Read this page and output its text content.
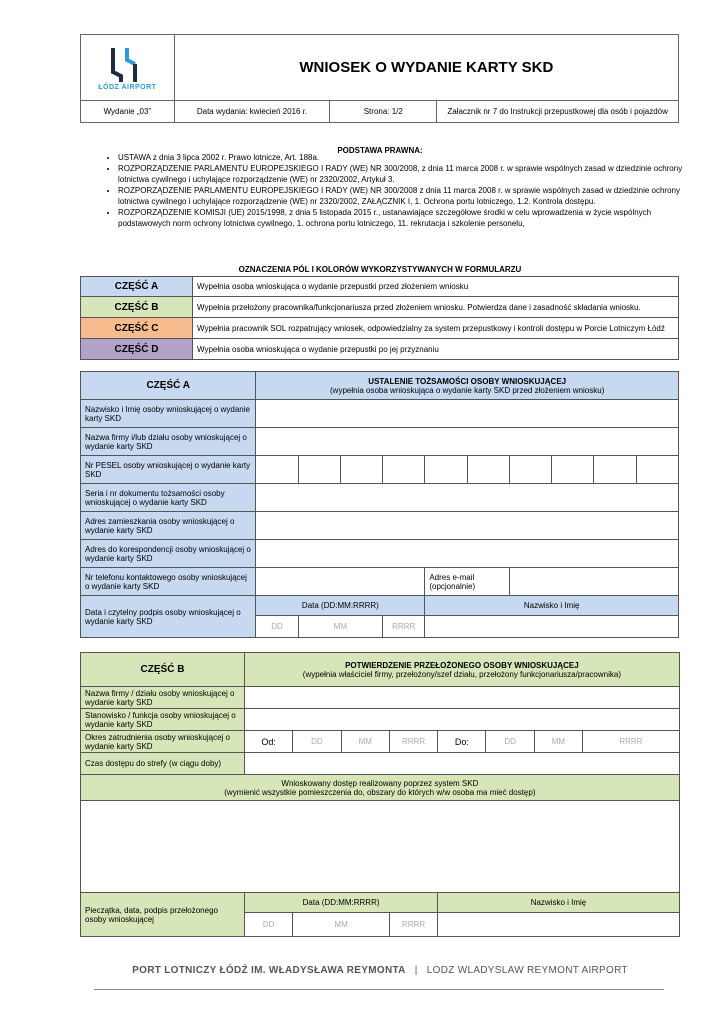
ŁÓDZ AIRPORT	WNIOSEK O WYDANIE KARTY SKD		
Wydanie „03”	Data wydania: kwiecień 2016 r.	Strona: 1/2	Załacznik nr 7 do Instrukcji przepustkowej dla osób i pojazdów
PODSTAWA PRAWNA:
• USTAWA z dnia 3 lipca 2002 r. Prawo lotnicze, Art. 188a.
• ROZPORZĄDZENIE PARLAMENTU EUROPEJSKIEGO I RADY (WE) NR 300/2008, z dnia 11 marca 2008 r. w sprawie wspólnych zasad w dziedzinie ochrony lotnictwa cywilnego i uchylające rozporządzenie (WE) nr 2320/2002, Artykuł 3.
• ROZPORZĄDZENIE PARLAMENTU EUROPEJSKIEGO I RADY (WE) NR 300/2008 z dnia 11 marca 2008 r. w sprawie wspólnych zasad w dziedzinie ochrony lotnictwa cywilnego i uchylające rozporządzenie (WE) nr 2320/2002, ZAŁĄCZNIK I, 1. Ochrona portu lotniczego, 1.2. Kontrola dostępu.
• ROZPORZĄDZENIE KOMISJI (UE) 2015/1998, z dnia 5 listopada 2015 r., ustanawiające szczegółowe środki w celu wprowadzenia w życie wspólnych podstawowych norm ochrony lotnictwa cywilnego, 1. ochrona portu lotniczego, 11. rekrutacja i szkolenie personelu,
OZNACZENIA PÓL I KOLORÓW WYKORZYSTYWANYCH W FORMULARZU
CZĘŚĆ A	Wypełnia osoba wnioskująca o wydanie przepustki przed złożeniem wniosku
CZĘŚĆ B	Wypełnia przełożony pracownika/funkcjonariusza przed złożeniem wniosku. Potwierdza dane i zasadność składania wniosku.
CZĘŚĆ C	Wypełnia pracownik SOL rozpatrujący wniosek, odpowiedzialny za system przepustkowy i kontroli dostępu w Porcie Lotniczym Łódź
CZĘŚĆ D	Wypełnia osoba wnioskująca o wydanie przepustki po jej przyznaniu
CZĘŚĆ A	USTALENIE TOŻSAMOŚCI OSOBY WNIOSKUJĄCEJ
(wypełnia osoba wnioskująca o wydanie karty SKD przed złożeniem wniosku)									

Nazwisko i Imię osoby wnioskującej o wydanie karty SKD										
Nazwa firmy i/lub działu osoby wnioskującej o wydanie karty SKD										
Nr PESEL osoby wnioskującej o wydanie karty SKD										
Seria i nr dokumentu tożsamości osoby wnioskującej o wydanie karty SKD										
Adres zamieszkania osoby wnioskującej o wydanie karty SKD										
Adres do korespondencji osoby wnioskującej o wydanie karty SKD										
Nr telefonu kontaktowego osoby wnioskującej o wydanie karty SKD					Adres e-mail (opcjonalnie)					
Data i czytelny podpis osoby wnioskującej o wydanie karty SKD	Data (DD:MM:RRRR)				Nazwisko i Imię					
	DD	MM		RRRR						
CZĘŚĆ B	POTWIERDZENIE PRZEŁOŻONEGO OSOBY WNIOSKUJĄCEJ
(wypełnia właściciel firmy, przełożony/szef działu, przełożony funkcjonariusza/pracownika)							

Nazwa firmy / działu osoby wnioskującej o wydanie karty SKD								
Stanowisko / funkcja osoby wnioskującej o wydanie karty SKD								
Okres zatrudnienia osoby wnioskującej o wydanie karty SKD	Od:	DD	MM	RRRR	Do:	DD	MM	RRRR
Czas dostępu do strefy (w ciągu doby)								

Wnioskowany dostęp realizowany poprzez system SKD
(wymienić wszystkie pomieszczenia do, obszary do których w/w osoba ma mieć dostęp)								

Pieczątka, data, podpis przełożonego osoby wnioskującej	Data (DD:MM:RRRR)				Nazwisko i Imię			
	DD	MM		RRRR				
PORT LOTNICZY ŁÓDŹ IM. WŁADYSŁAWA REYMONTA | LODZ WLADYSLAW REYMONT AIRPORT
